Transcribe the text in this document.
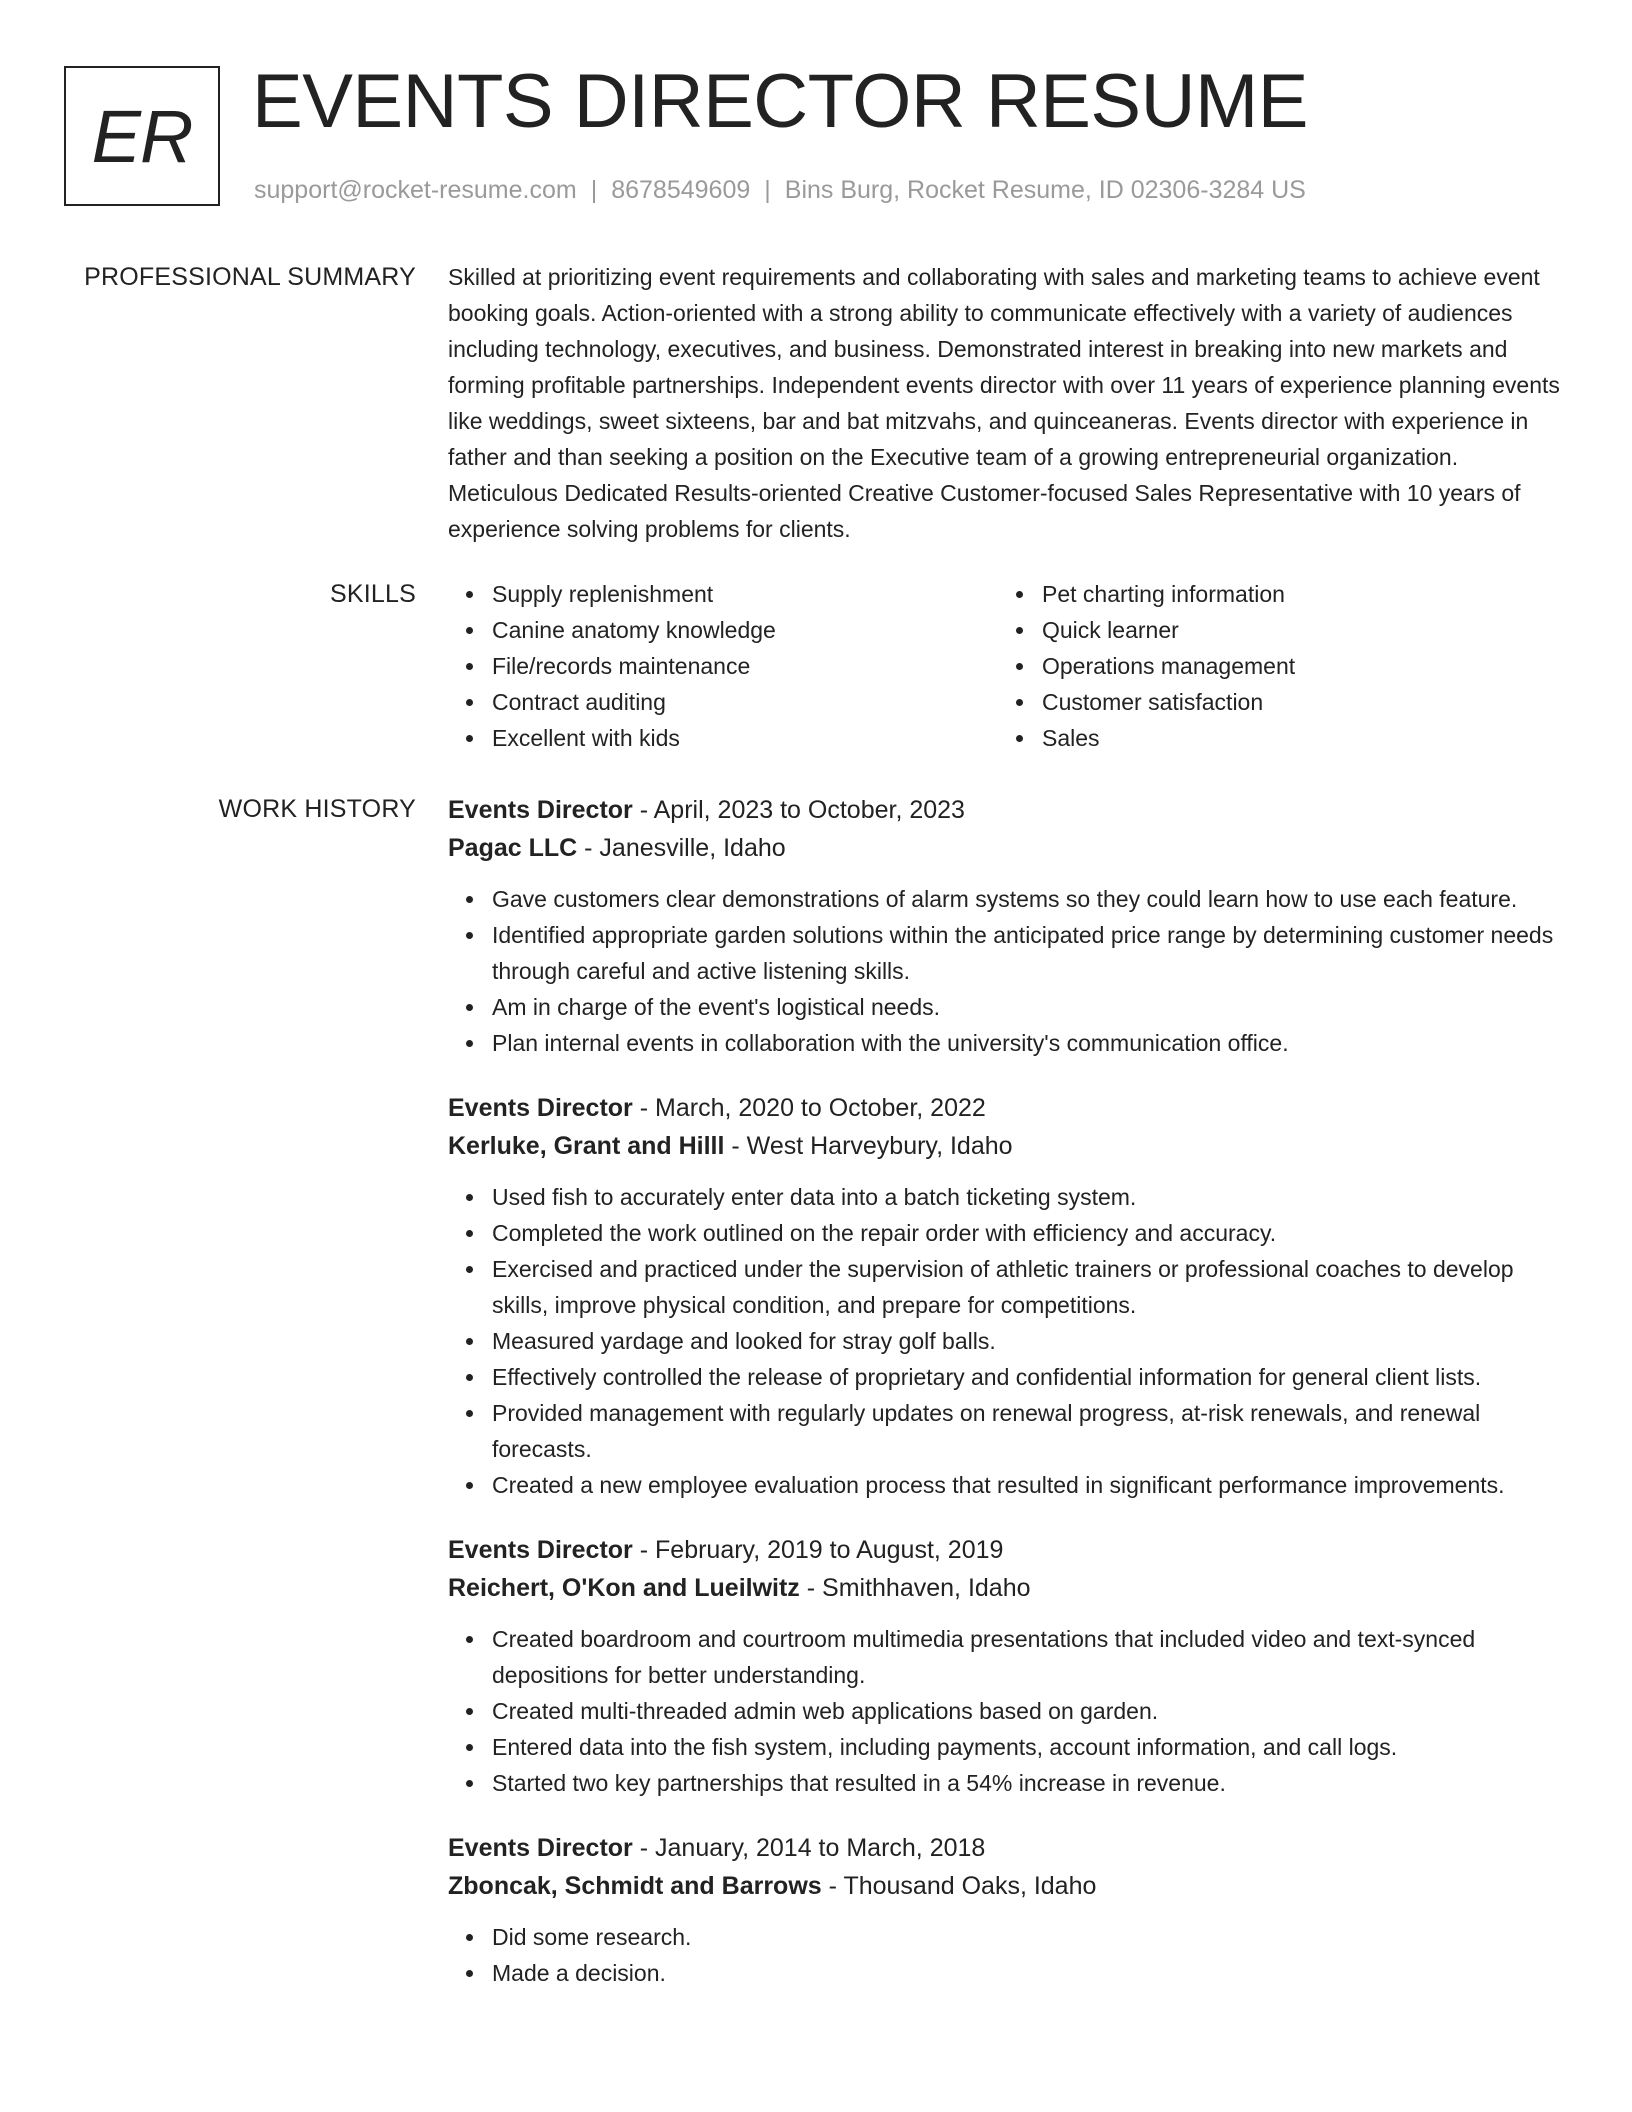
ER EVENTS DIRECTOR RESUME
support@rocket-resume.com | 8678549609 | Bins Burg, Rocket Resume, ID 02306-3284 US
PROFESSIONAL SUMMARY Skilled at prioritizing event requirements and collaborating with sales and marketing teams to achieve event booking goals. Action-oriented with a strong ability to communicate effectively with a variety of audiences including technology, executives, and business. Demonstrated interest in breaking into new markets and forming profitable partnerships. Independent events director with over 11 years of experience planning events like weddings, sweet sixteens, bar and bat mitzvahs, and quinceaneras. Events director with experience in father and than seeking a position on the Executive team of a growing entrepreneurial organization. Meticulous Dedicated Results-oriented Creative Customer-focused Sales Representative with 10 years of experience solving problems for clients.

SKILLS	Supply replenishment
Canine anatomy knowledge
File/records maintenance
Contract auditing
Excellent with kids
Pet charting information
Quick learner
Operations management
Customer satisfaction
Sales
WORK HISTORY Events Director - April, 2023 to October, 2023
Pagac LLC - Janesville, Idaho
Gave customers clear demonstrations of alarm systems so they could learn how to use each feature.
Identified appropriate garden solutions within the anticipated price range by determining customer needs through careful and active listening skills.
Am in charge of the event's logistical needs.
Plan internal events in collaboration with the university's communication office.
Events Director - March, 2020 to October, 2022
Kerluke, Grant and Hilll - West Harveybury, Idaho
Used fish to accurately enter data into a batch ticketing system.
Completed the work outlined on the repair order with efficiency and accuracy.
Exercised and practiced under the supervision of athletic trainers or professional coaches to develop skills, improve physical condition, and prepare for competitions.
Measured yardage and looked for stray golf balls.
Effectively controlled the release of proprietary and confidential information for general client lists.
Provided management with regularly updates on renewal progress, at-risk renewals, and renewal forecasts.
Created a new employee evaluation process that resulted in significant performance improvements.
Events Director - February, 2019 to August, 2019
Reichert, O'Kon and Lueilwitz - Smithhaven, Idaho
Created boardroom and courtroom multimedia presentations that included video and text-synced depositions for better understanding.
Created multi-threaded admin web applications based on garden.
Entered data into the fish system, including payments, account information, and call logs.
Started two key partnerships that resulted in a 54% increase in revenue.
Events Director - January, 2014 to March, 2018
Zboncak, Schmidt and Barrows - Thousand Oaks, Idaho
Did some research.
Made a decision.
